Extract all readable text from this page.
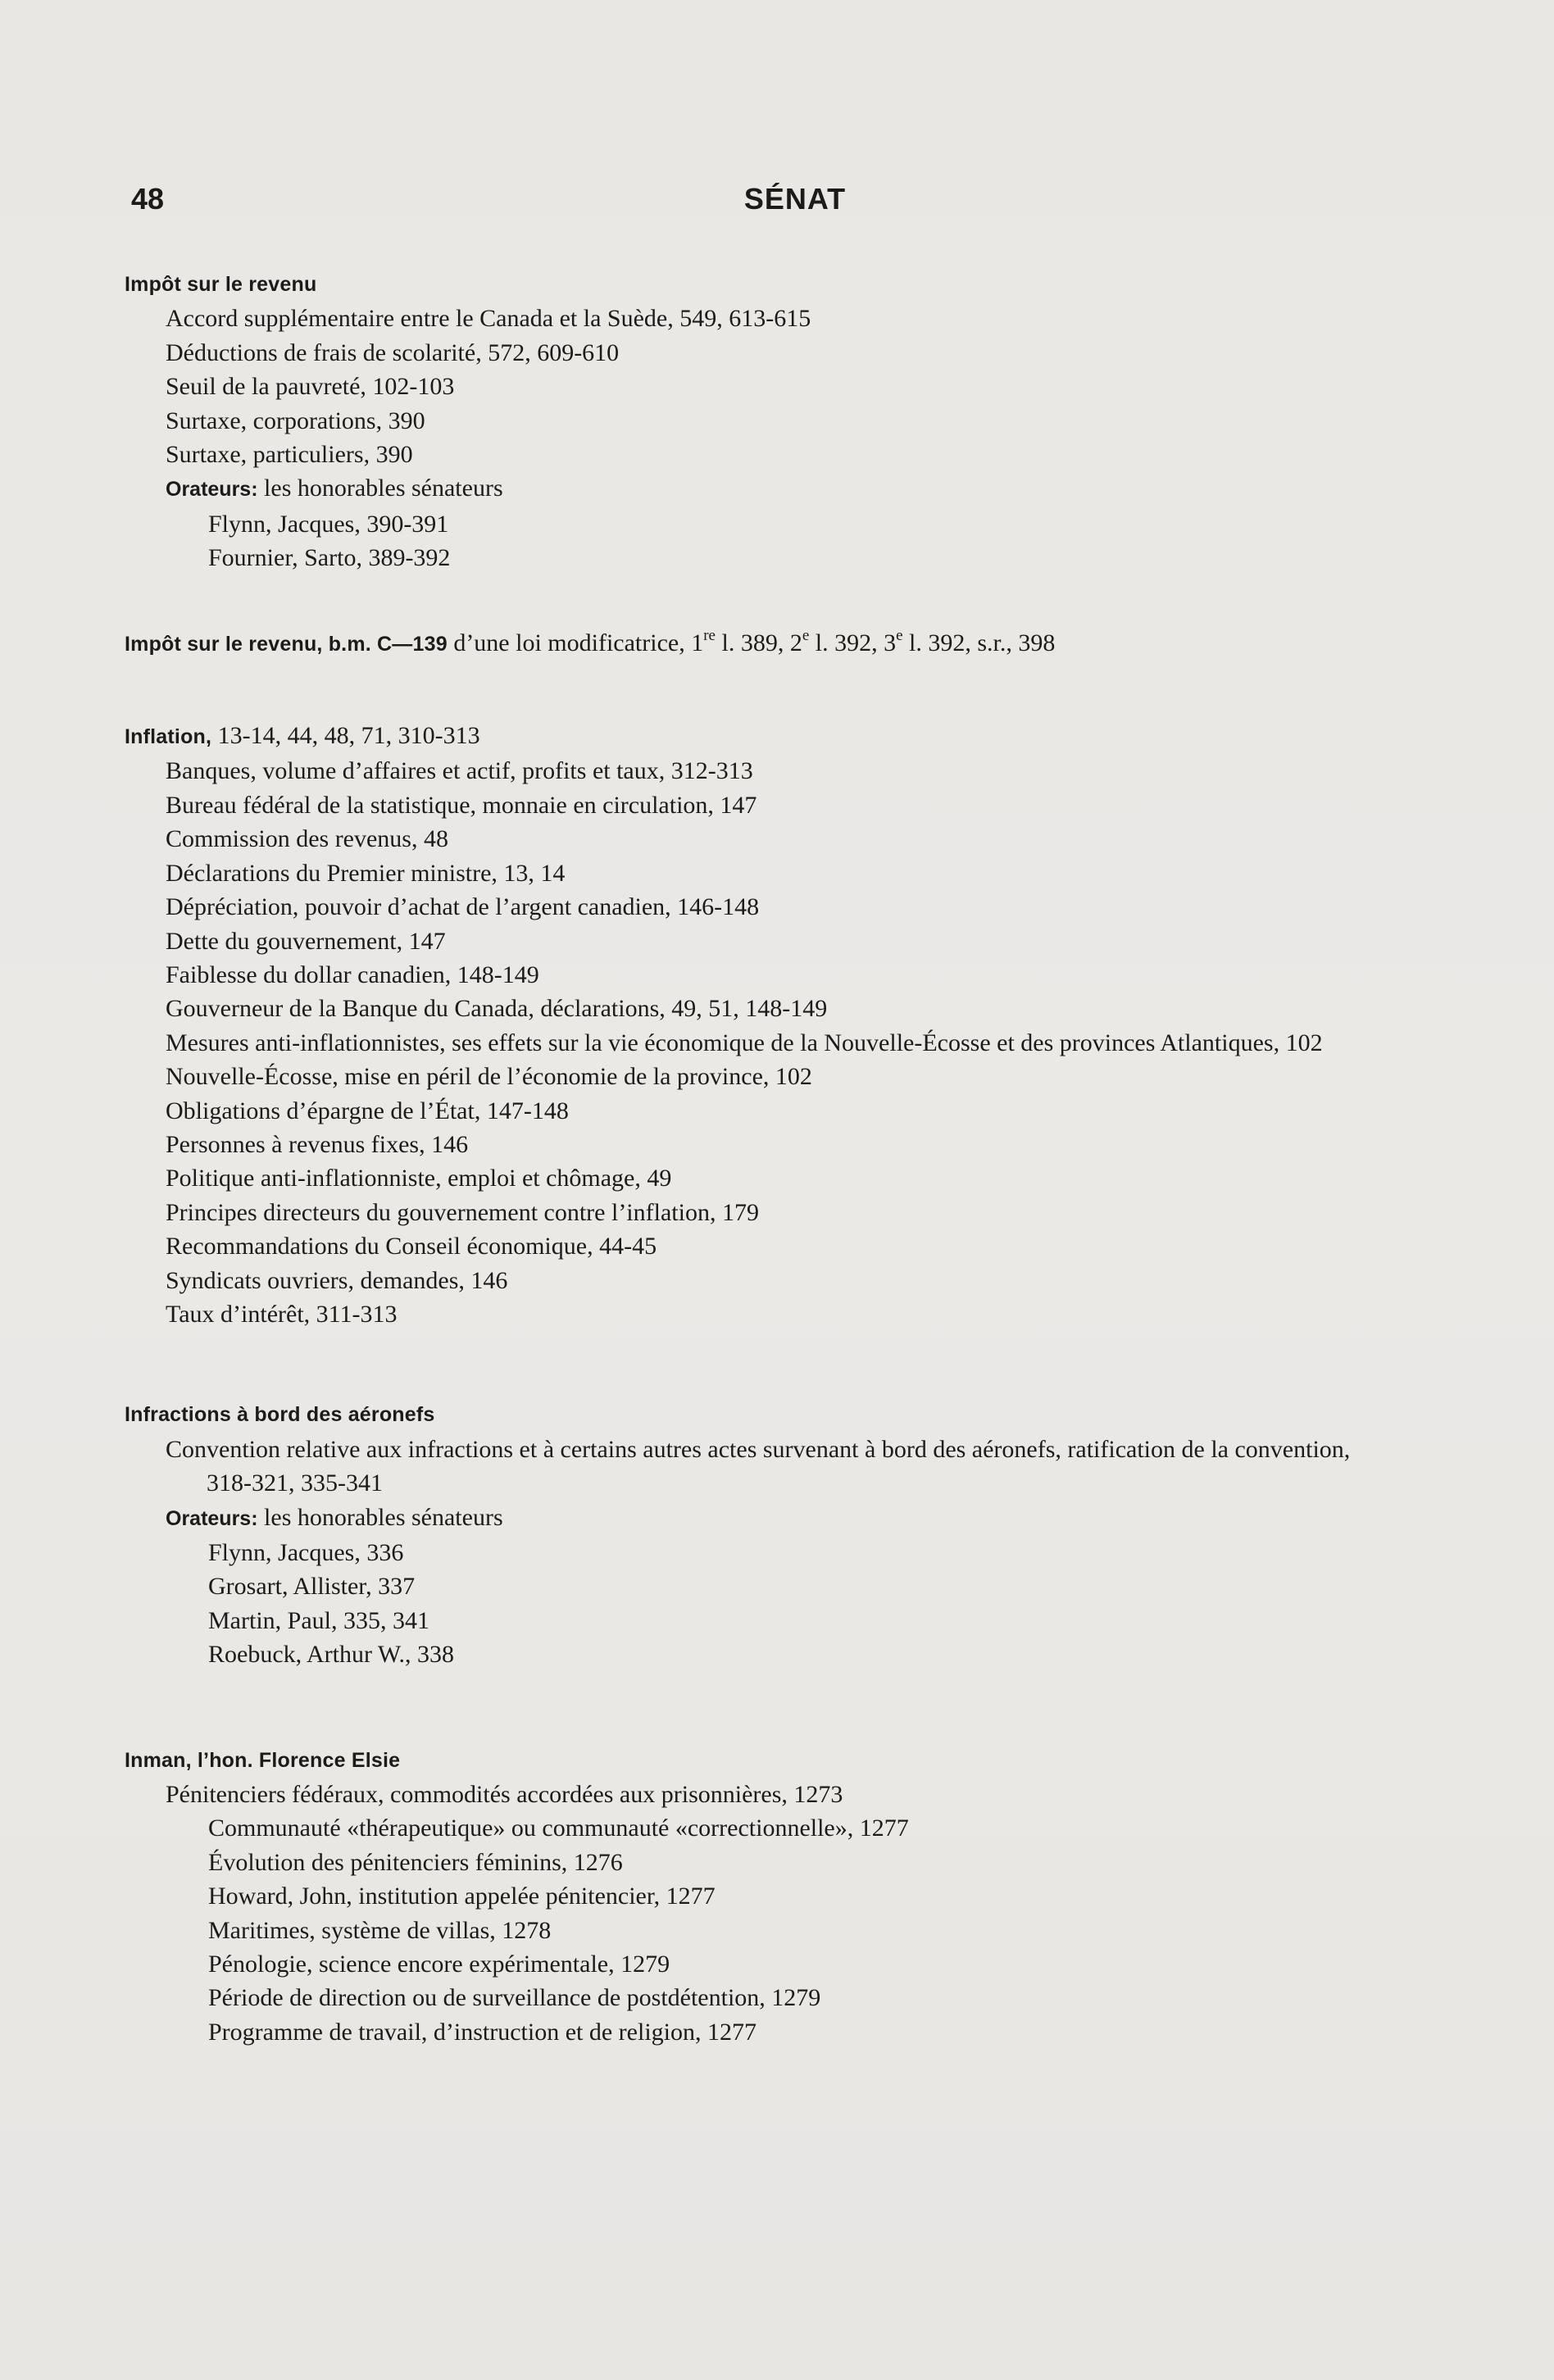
48	SÉNAT
Impôt sur le revenu
Accord supplémentaire entre le Canada et la Suède, 549, 613-615
Déductions de frais de scolarité, 572, 609-610
Seuil de la pauvreté, 102-103
Surtaxe, corporations, 390
Surtaxe, particuliers, 390
Orateurs: les honorables sénateurs
Flynn, Jacques, 390-391
Fournier, Sarto, 389-392
Impôt sur le revenu, b.m. C—139 d’une loi modificatrice, 1re l. 389, 2e l. 392, 3e l. 392, s.r., 398
Inflation, 13-14, 44, 48, 71, 310-313
Banques, volume d’affaires et actif, profits et taux, 312-313
Bureau fédéral de la statistique, monnaie en circulation, 147
Commission des revenus, 48
Déclarations du Premier ministre, 13, 14
Dépréciation, pouvoir d’achat de l’argent canadien, 146-148
Dette du gouvernement, 147
Faiblesse du dollar canadien, 148-149
Gouverneur de la Banque du Canada, déclarations, 49, 51, 148-149
Mesures anti-inflationnistes, ses effets sur la vie économique de la Nouvelle-Écosse et des provinces Atlantiques, 102
Nouvelle-Écosse, mise en péril de l’économie de la province, 102
Obligations d’épargne de l’État, 147-148
Personnes à revenus fixes, 146
Politique anti-inflationniste, emploi et chômage, 49
Principes directeurs du gouvernement contre l’inflation, 179
Recommandations du Conseil économique, 44-45
Syndicats ouvriers, demandes, 146
Taux d’intérêt, 311-313
Infractions à bord des aéronefs
Convention relative aux infractions et à certains autres actes survenant à bord des aéronefs, ratification de la convention, 318-321, 335-341
Orateurs: les honorables sénateurs
Flynn, Jacques, 336
Grosart, Allister, 337
Martin, Paul, 335, 341
Roebuck, Arthur W., 338
Inman, l’hon. Florence Elsie
Pénitenciers fédéraux, commodités accordées aux prisonnières, 1273
Communauté «thérapeutique» ou communauté «correctionnelle», 1277
Évolution des pénitenciers féminins, 1276
Howard, John, institution appelée pénitencier, 1277
Maritimes, système de villas, 1278
Pénologie, science encore expérimentale, 1279
Période de direction ou de surveillance de postdétention, 1279
Programme de travail, d’instruction et de religion, 1277
